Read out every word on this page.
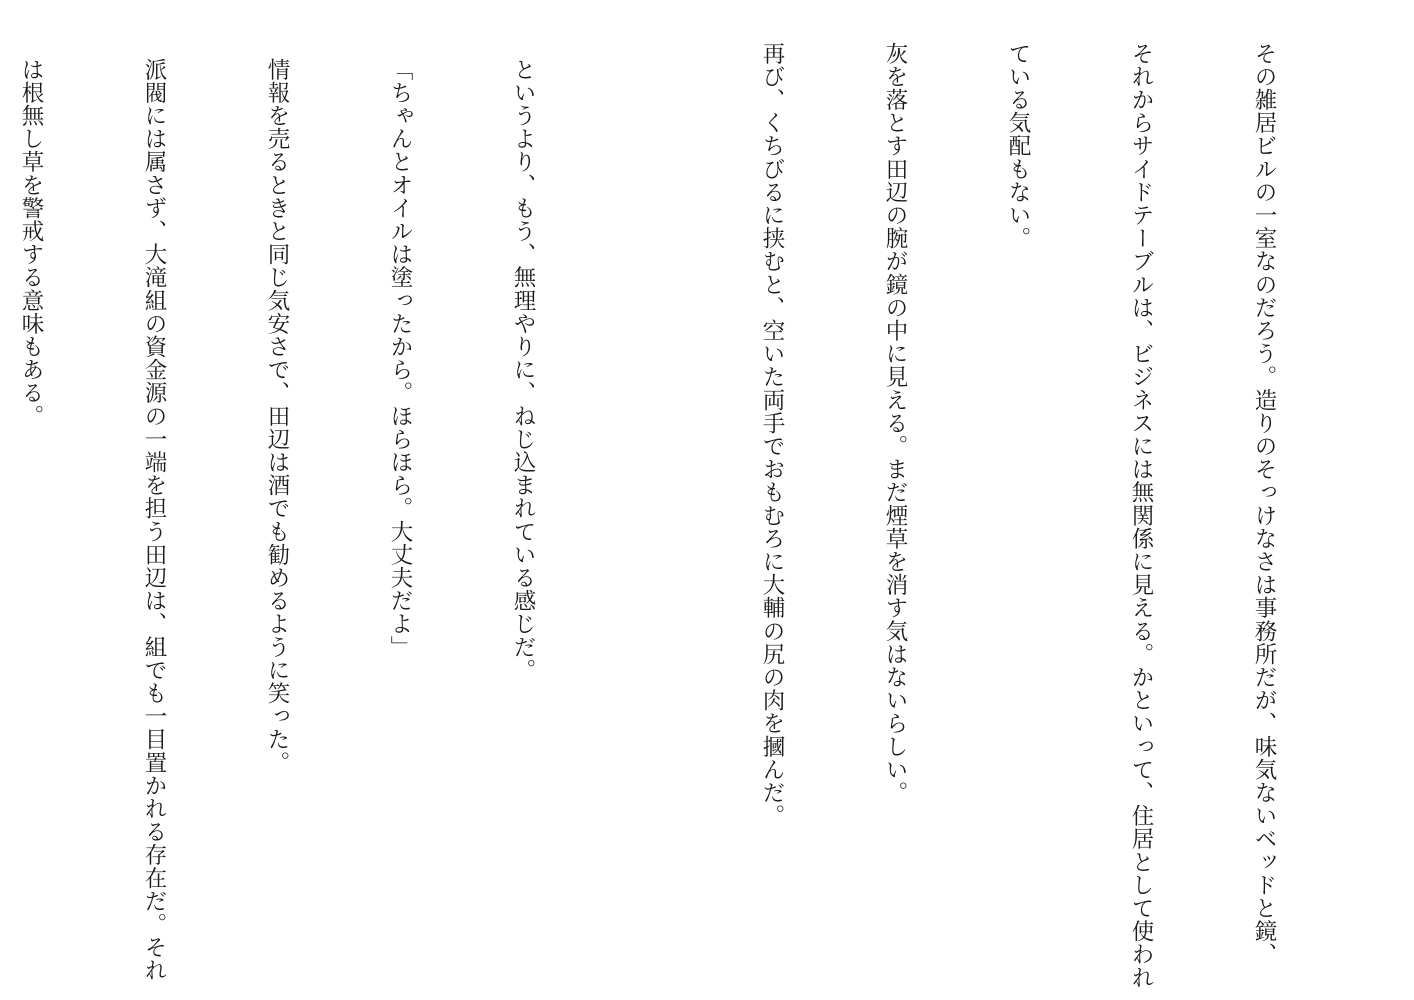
その雑居ビルの一室なのだろう。造りのそっけなさは事務所だが、味気ないベッドと鏡、

それからサイドテーブルは、ビジネスには無関係に見える。かといって、住居として使われ

ている気配もない。

灰を落とす田辺の腕が鏡の中に見える。まだ煙草を消す気はないらしい。

再び、くちびるに挟むと、空いた両手でおもむろに大輔の尻の肉を摑んだ。

というより、もう、無理やりに、ねじ込まれている感じだ。

「ちゃんとオイルは塗ったから。ほらほら。大丈夫だよ」

情報を売るときと同じ気安さで、田辺は酒でも勧めるように笑った。

派閥には属さず、大滝組の資金源の一端を担う田辺は、組でも一目置かれる存在だ。それ

は根無し草を警戒する意味もある。
